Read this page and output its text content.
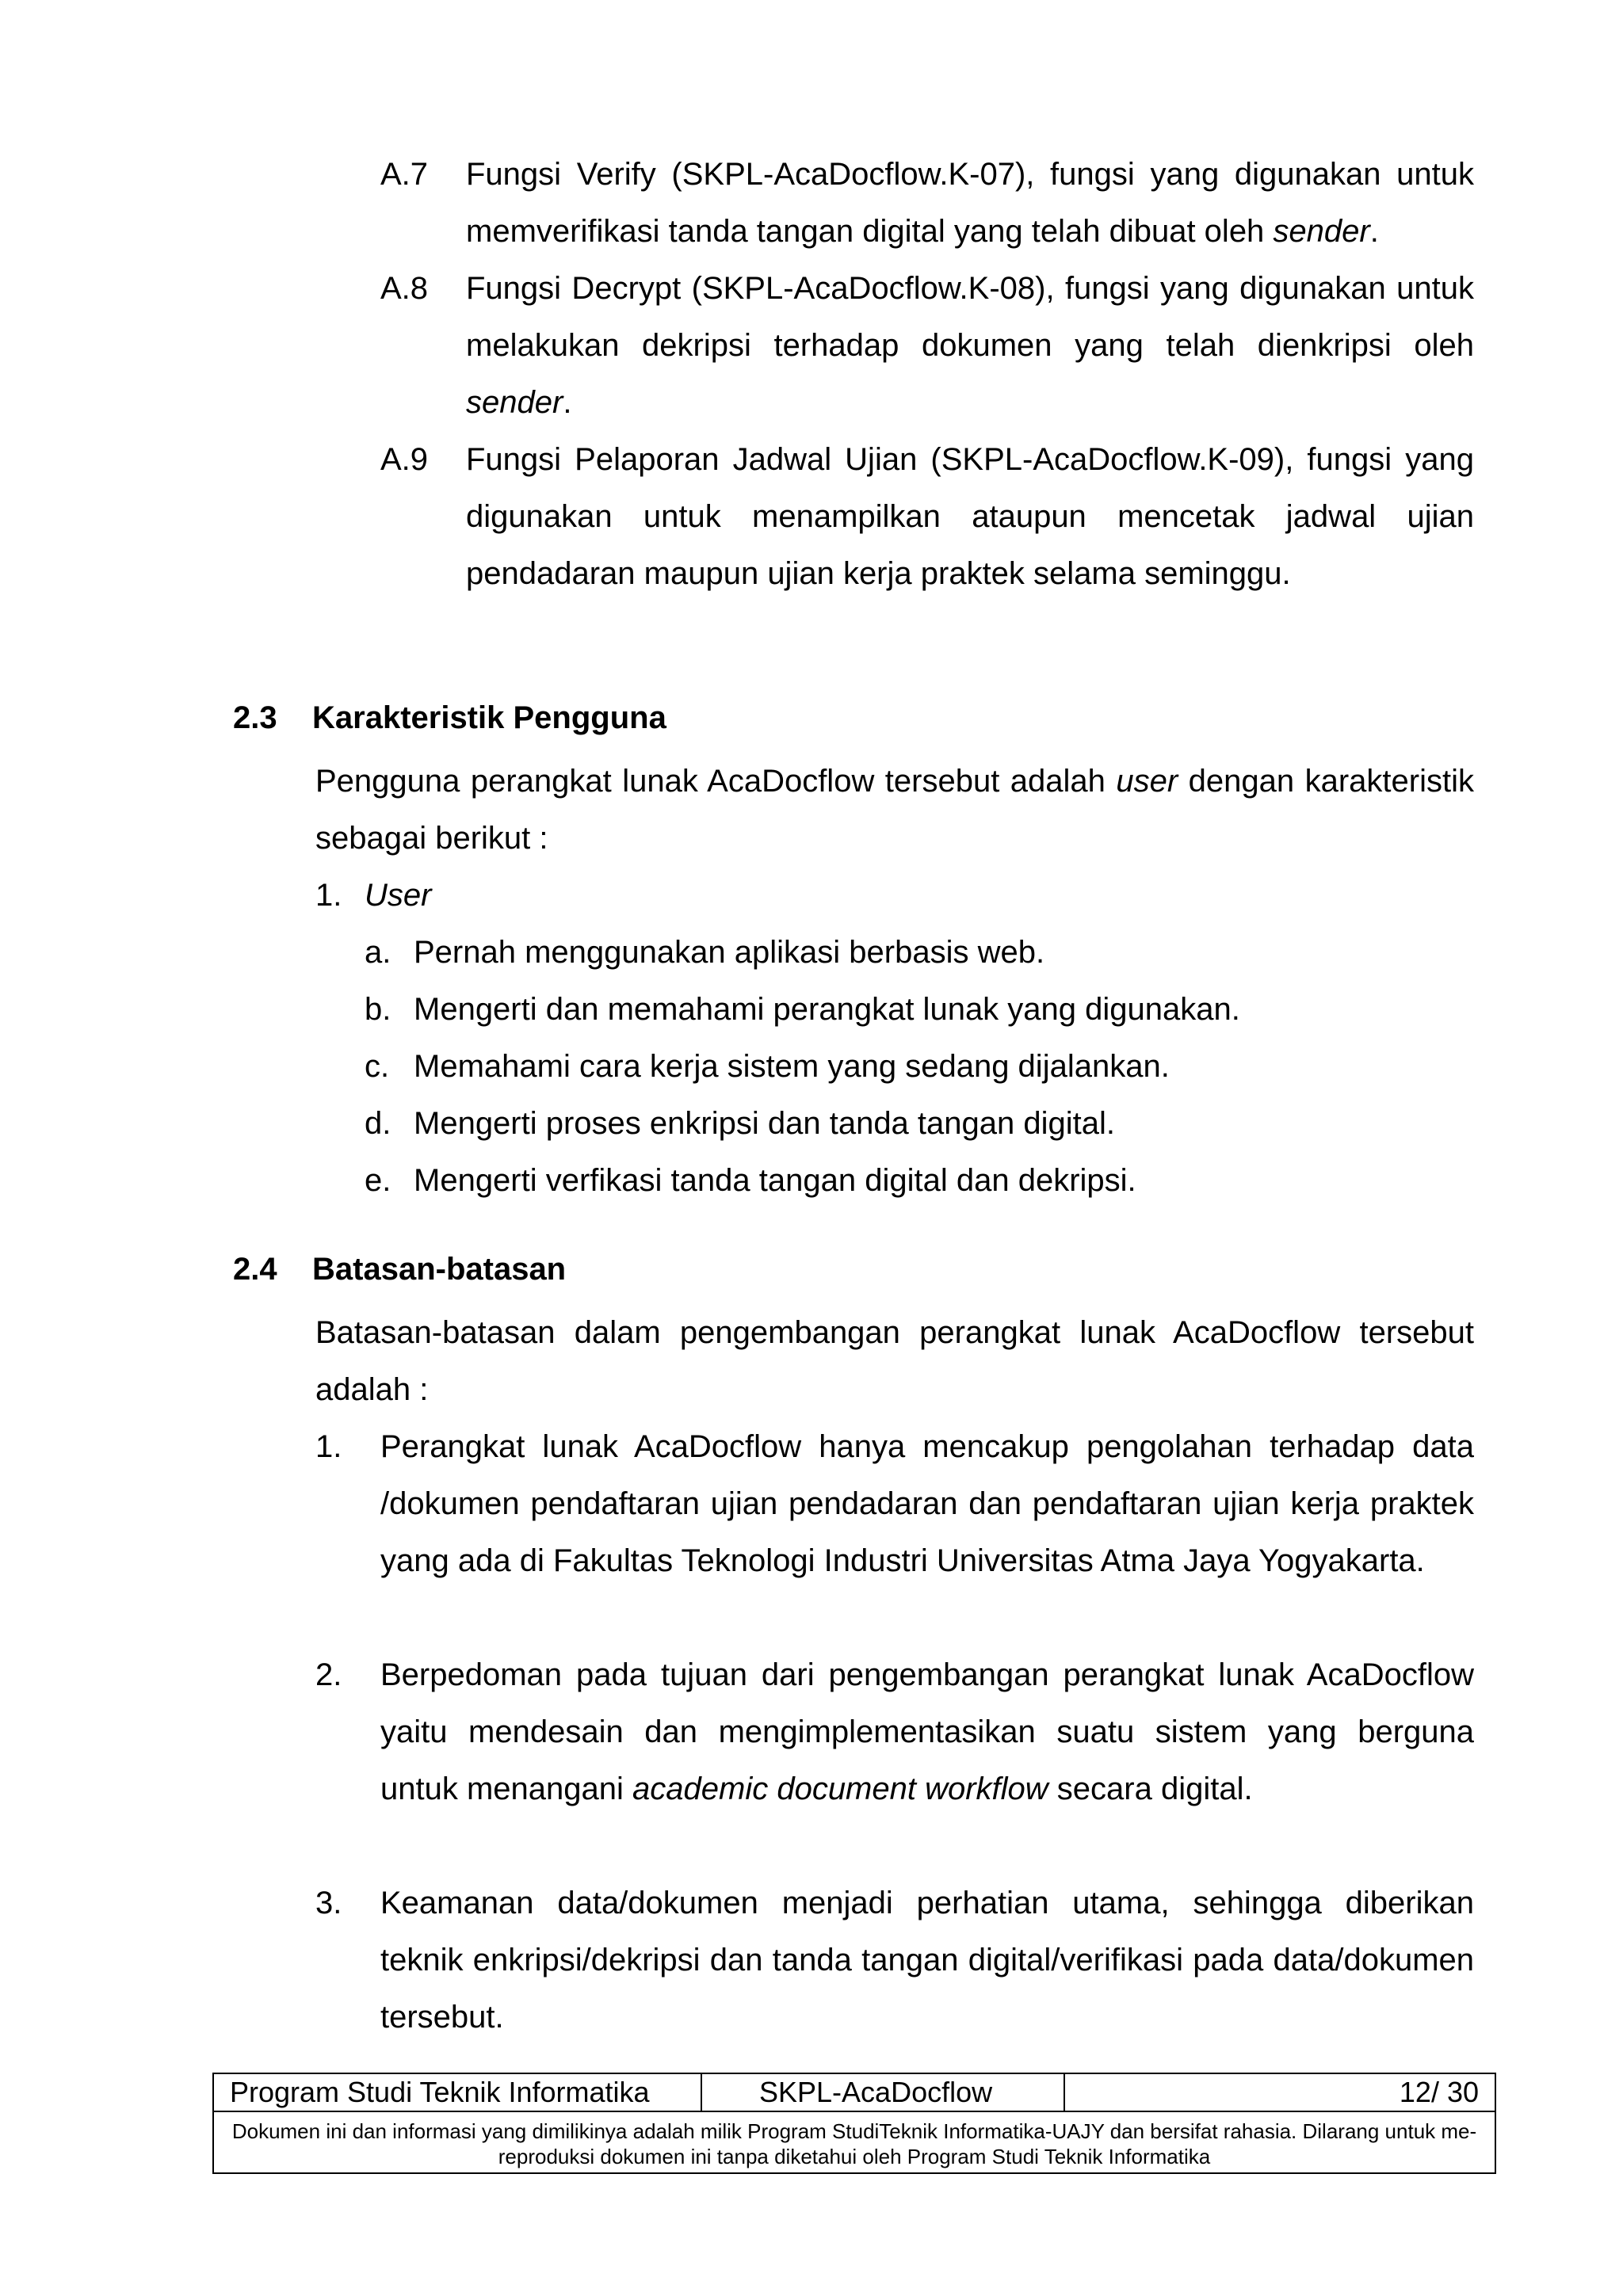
A.7 Fungsi Verify (SKPL-AcaDocflow.K-07), fungsi yang digunakan untuk memverifikasi tanda tangan digital yang telah dibuat oleh sender.
A.8 Fungsi Decrypt (SKPL-AcaDocflow.K-08), fungsi yang digunakan untuk melakukan dekripsi terhadap dokumen yang telah dienkripsi oleh sender.
A.9 Fungsi Pelaporan Jadwal Ujian (SKPL-AcaDocflow.K-09), fungsi yang digunakan untuk menampilkan ataupun mencetak jadwal ujian pendadaran maupun ujian kerja praktek selama seminggu.
2.3 Karakteristik Pengguna
Pengguna perangkat lunak AcaDocflow tersebut adalah user dengan karakteristik sebagai berikut :
1. User
a. Pernah menggunakan aplikasi berbasis web.
b. Mengerti dan memahami perangkat lunak yang digunakan.
c. Memahami cara kerja sistem yang sedang dijalankan.
d. Mengerti proses enkripsi dan tanda tangan digital.
e. Mengerti verfikasi tanda tangan digital dan dekripsi.
2.4 Batasan-batasan
Batasan-batasan dalam pengembangan perangkat lunak AcaDocflow tersebut adalah :
1. Perangkat lunak AcaDocflow hanya mencakup pengolahan terhadap data /dokumen pendaftaran ujian pendadaran dan pendaftaran ujian kerja praktek yang ada di Fakultas Teknologi Industri Universitas Atma Jaya Yogyakarta.
2. Berpedoman pada tujuan dari pengembangan perangkat lunak AcaDocflow yaitu mendesain dan mengimplementasikan suatu sistem yang berguna untuk menangani academic document workflow secara digital.
3. Keamanan data/dokumen menjadi perhatian utama, sehingga diberikan teknik enkripsi/dekripsi dan tanda tangan digital/verifikasi pada data/dokumen tersebut.
Program Studi Teknik Informatika	SKPL-AcaDocflow	12/ 30
Dokumen ini dan informasi yang dimilikinya adalah milik Program StudiTeknik Informatika-UAJY dan bersifat rahasia. Dilarang untuk me-reproduksi dokumen ini tanpa diketahui oleh Program Studi Teknik Informatika
